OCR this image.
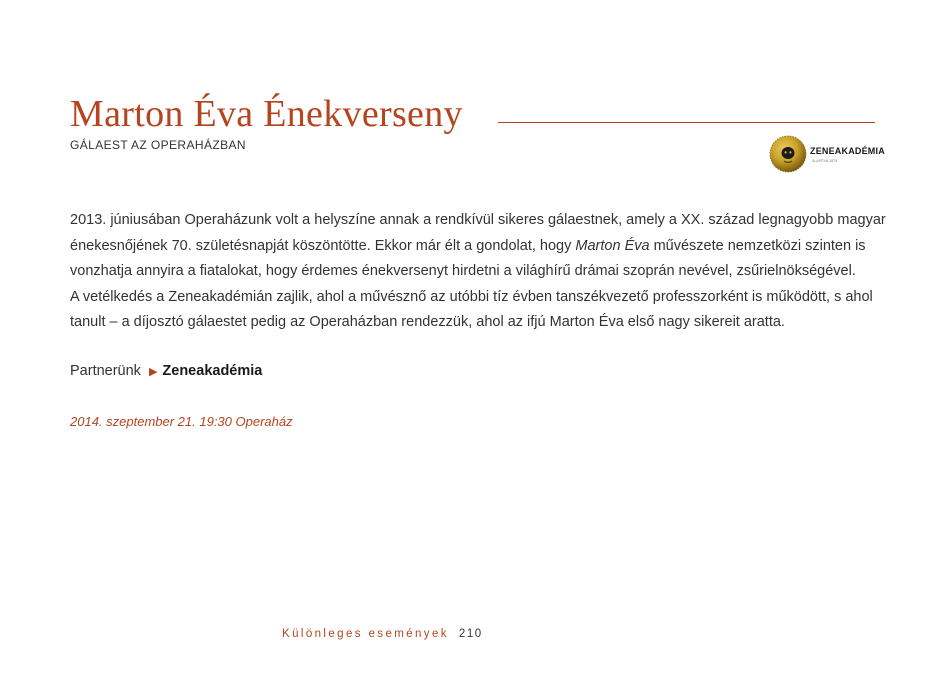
Marton Éva Énekverseny
GÁLAEST AZ OPERAHÁZBAN	ZENEAKADÉMIA
ALAPÍTVA 1875

2013. júniusában Operaházunk volt a helyszíne annak a rendkívül sikeres gálaestnek, amely a XX. század legnagyobb magyar

énekesnőjének 70. születésnapját köszöntötte. Ekkor már élt a gondolat, hogy Marton Éva művészete nemzetközi szinten is

vonzhatja annyira a fiatalokat, hogy érdemes énekversenyt hirdetni a világhírű drámai szoprán nevével, zsűrielnökségével.

A vetélkedés a Zeneakadémián zajlik, ahol a művésznő az utóbbi tíz évben tanszékvezető professzorként is működött, s ahol

tanult – a díjosztó gálaestet pedig az Operaházban rendezzük, ahol az ifjú Marton Éva első nagy sikereit aratta.

Partnerünk ▶ Zeneakadémia
2014. szeptember 21. 19:30 Operaház
Különleges események 210
